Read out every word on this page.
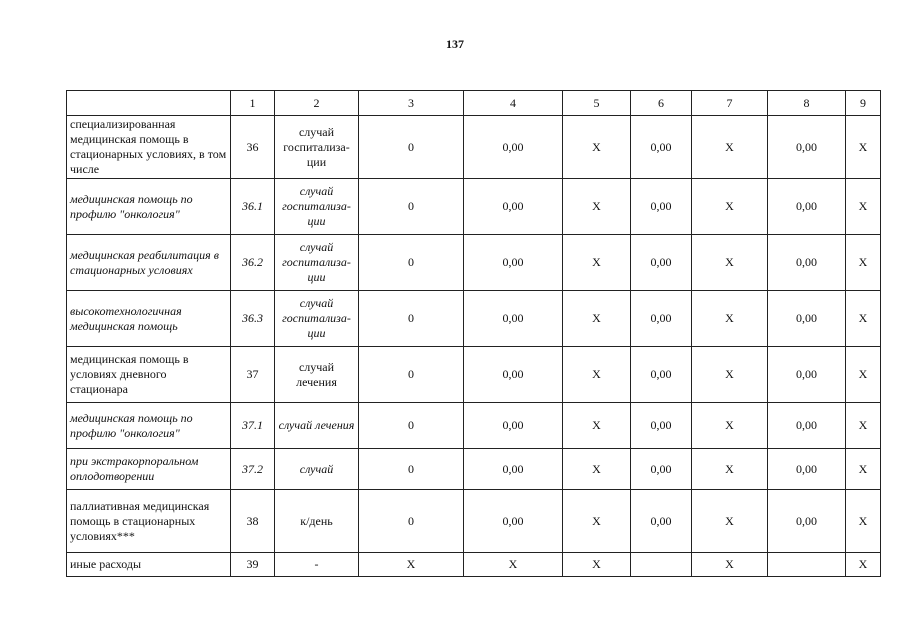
137
	1	2	3	4	5	6	7	8	9
специализированная медицинская помощь в стационарных условиях, в том числе	36	случай госпитализа-ции	0	0,00	X	0,00	X	0,00	X
медицинская помощь по профилю "онкология"	36.1	случай госпитализа-ции	0	0,00	X	0,00	X	0,00	X
медицинская реабилитация в стационарных условиях	36.2	случай госпитализа-ции	0	0,00	X	0,00	X	0,00	X
высокотехнологичная медицинская помощь	36.3	случай госпитализа-ции	0	0,00	X	0,00	X	0,00	X
медицинская помощь в условиях дневного стационара	37	случай лечения	0	0,00	X	0,00	X	0,00	X
медицинская помощь по профилю "онкология"	37.1	случай лечения	0	0,00	X	0,00	X	0,00	X
при экстракорпоральном оплодотворении	37.2	случай	0	0,00	X	0,00	X	0,00	X
паллиативная медицинская помощь в стационарных условиях***	38	к/день	0	0,00	X	0,00	X	0,00	X
иные расходы	39	-	X	X	X		X		X
